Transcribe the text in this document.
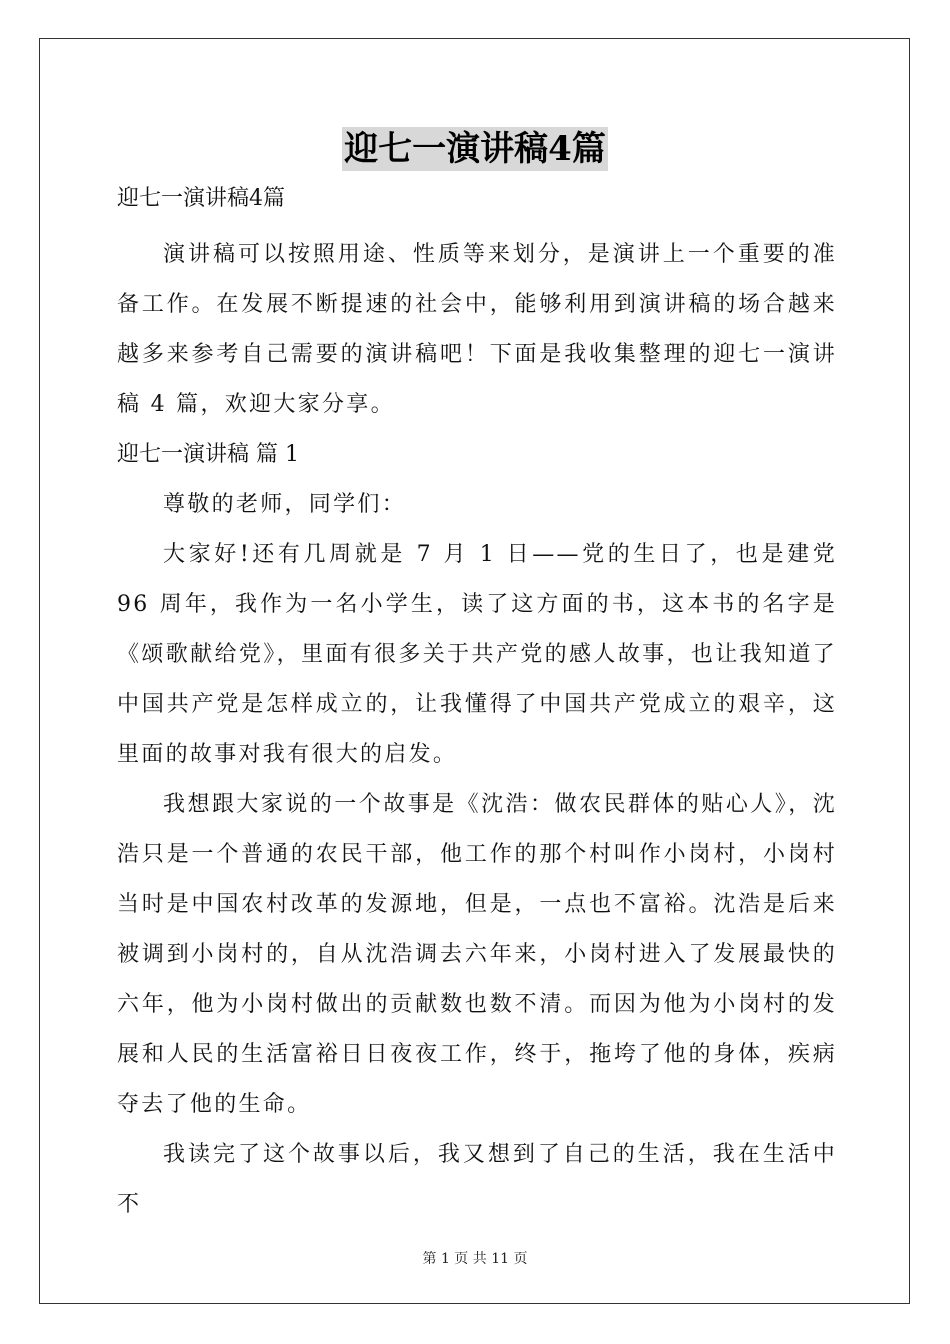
迎七一演讲稿4篇
迎七一演讲稿4篇

演讲稿可以按照用途、性质等来划分，是演讲上一个重要的准备工作。在发展不断提速的社会中，能够利用到演讲稿的场合越来越多来参考自己需要的演讲稿吧！下面是我收集整理的迎七一演讲稿 4 篇，欢迎大家分享。

迎七一演讲稿 篇 1

尊敬的老师，同学们：

大家好!还有几周就是 7 月 1 日——党的生日了，也是建党 96 周年，我作为一名小学生，读了这方面的书，这本书的名字是《颂歌献给党》，里面有很多关于共产党的感人故事，也让我知道了中国共产党是怎样成立的，让我懂得了中国共产党成立的艰辛，这里面的故事对我有很大的启发。

我想跟大家说的一个故事是《沈浩：做农民群体的贴心人》，沈浩只是一个普通的农民干部，他工作的那个村叫作小岗村，小岗村当时是中国农村改革的发源地，但是，一点也不富裕。沈浩是后来被调到小岗村的，自从沈浩调去六年来，小岗村进入了发展最快的六年，他为小岗村做出的贡献数也数不清。而因为他为小岗村的发展和人民的生活富裕日日夜夜工作，终于，拖垮了他的身体，疾病夺去了他的生命。

我读完了这个故事以后，我又想到了自己的生活，我在生活中不

第 1 页 共 11 页
